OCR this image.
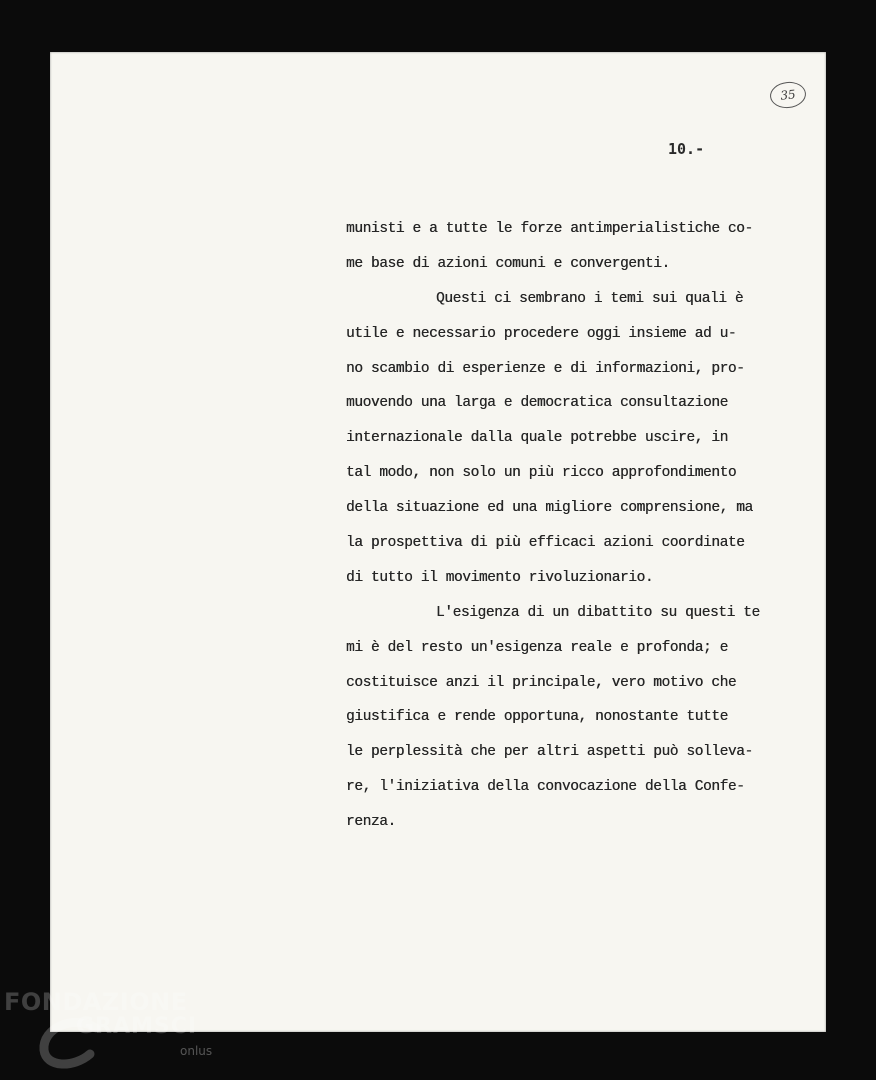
35
10.-
munisti e a tutte le forze antimperialistiche co-
me base di azioni comuni e convergenti.
Questi ci sembrano i temi sui quali è
utile e necessario procedere oggi insieme ad u-
no scambio di esperienze e di informazioni, pro-
muovendo una larga e democratica consultazione
internazionale dalla quale potrebbe uscire, in
tal modo, non solo un più ricco approfondimento
della situazione ed una migliore comprensione, ma
la prospettiva di più efficaci azioni coordinate
di tutto il movimento rivoluzionario.
L'esigenza di un dibattito su questi te
mi è del resto un'esigenza reale e profonda; e
costituisce anzi il principale, vero motivo che
giustifica e rende opportuna, nonostante tutte
le perplessità che per altri aspetti può solleva-
re, l'iniziativa della convocazione della Confe-
renza.
FONDAZIONE
GRAMSCI
onlus
